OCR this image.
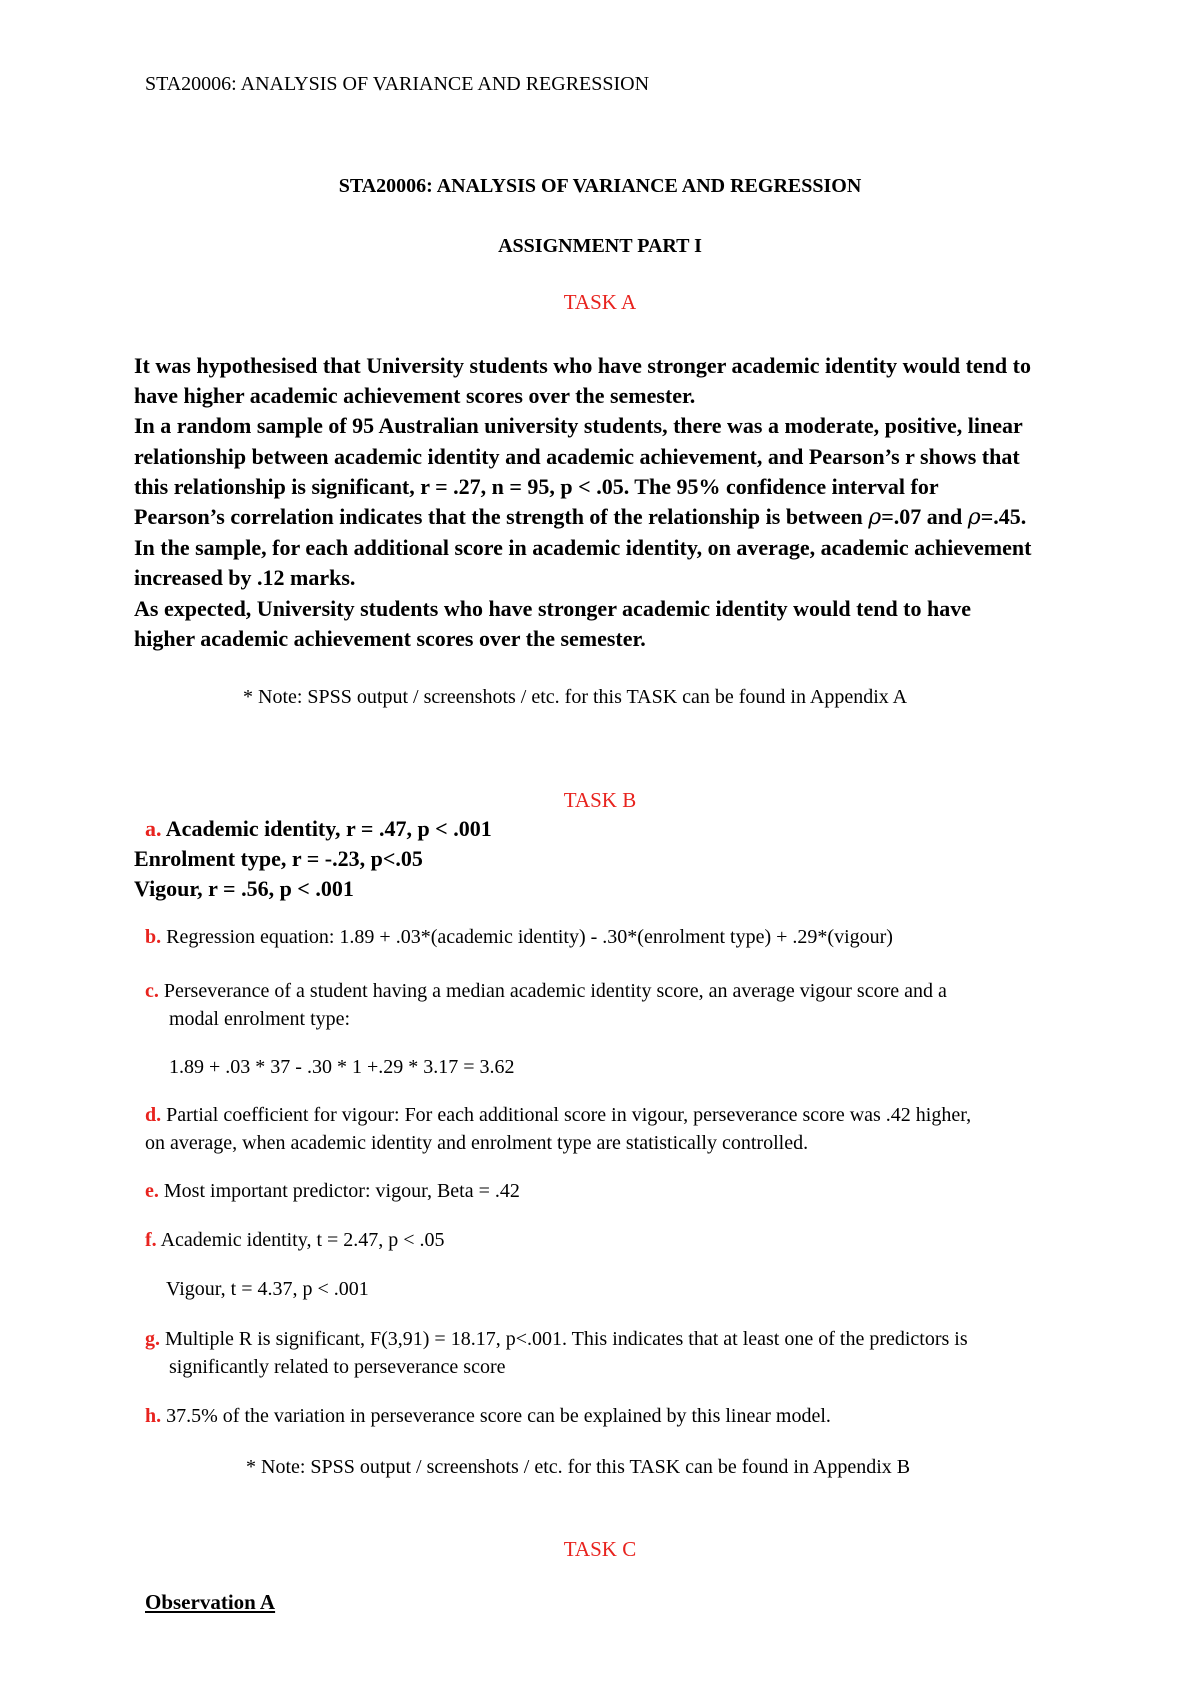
STA20006: ANALYSIS OF VARIANCE AND REGRESSION
STA20006: ANALYSIS OF VARIANCE AND REGRESSION
ASSIGNMENT PART I
TASK A
It was hypothesised that University students who have stronger academic identity would tend to
have higher academic achievement scores over the semester.
In a random sample of 95 Australian university students, there was a moderate, positive, linear
relationship between academic identity and academic achievement, and Pearson’s r shows that
this relationship is significant, r = .27, n = 95, p < .05. The 95% confidence interval for
Pearson’s correlation indicates that the strength of the relationship is between ρ=.07 and ρ=.45.
In the sample, for each additional score in academic identity, on average, academic achievement
increased by .12 marks.
As expected, University students who have stronger academic identity would tend to have
higher academic achievement scores over the semester.
* Note: SPSS output / screenshots / etc. for this TASK can be found in Appendix A
TASK B
a. Academic identity, r = .47, p < .001
Enrolment type, r = -.23, p<.05
Vigour, r = .56, p < .001
b. Regression equation: 1.89 + .03*(academic identity) - .30*(enrolment type) + .29*(vigour)
c. Perseverance of a student having a median academic identity score, an average vigour score and a
modal enrolment type:
1.89 + .03 * 37 - .30 * 1 +.29 * 3.17 = 3.62
d. Partial coefficient for vigour: For each additional score in vigour, perseverance score was .42 higher,
on average, when academic identity and enrolment type are statistically controlled.
e. Most important predictor: vigour, Beta = .42
f. Academic identity, t = 2.47, p < .05
Vigour, t = 4.37, p < .001
g. Multiple R is significant, F(3,91) = 18.17, p<.001. This indicates that at least one of the predictors is
significantly related to perseverance score
h. 37.5% of the variation in perseverance score can be explained by this linear model.
* Note: SPSS output / screenshots / etc. for this TASK can be found in Appendix B
TASK C
Observation A
